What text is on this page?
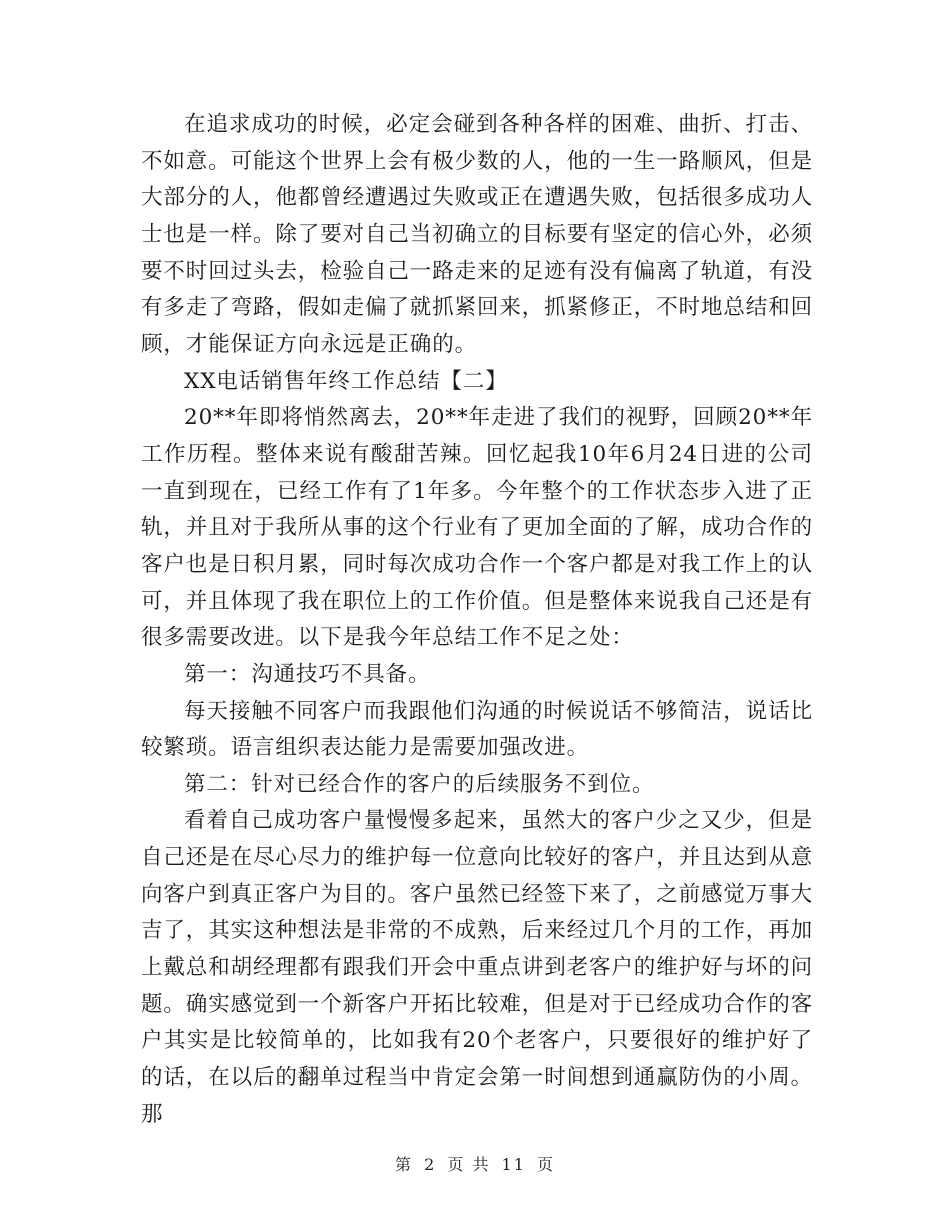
在追求成功的时候，必定会碰到各种各样的困难、曲折、打击、不如意。可能这个世界上会有极少数的人，他的一生一路顺风，但是大部分的人，他都曾经遭遇过失败或正在遭遇失败，包括很多成功人士也是一样。除了要对自己当初确立的目标要有坚定的信心外，必须要不时回过头去，检验自己一路走来的足迹有没有偏离了轨道，有没有多走了弯路，假如走偏了就抓紧回来，抓紧修正，不时地总结和回顾，才能保证方向永远是正确的。

XX电话销售年终工作总结【二】

20**年即将悄然离去，20**年走进了我们的视野，回顾20**年工作历程。整体来说有酸甜苦辣。回忆起我10年6月24日进的公司一直到现在，已经工作有了1年多。今年整个的工作状态步入进了正轨，并且对于我所从事的这个行业有了更加全面的了解，成功合作的客户也是日积月累，同时每次成功合作一个客户都是对我工作上的认可，并且体现了我在职位上的工作价值。但是整体来说我自己还是有很多需要改进。以下是我今年总结工作不足之处：

第一：沟通技巧不具备。

每天接触不同客户而我跟他们沟通的时候说话不够简洁，说话比较繁琐。语言组织表达能力是需要加强改进。

第二：针对已经合作的客户的后续服务不到位。

看着自己成功客户量慢慢多起来，虽然大的客户少之又少，但是自己还是在尽心尽力的维护每一位意向比较好的客户，并且达到从意向客户到真正客户为目的。客户虽然已经签下来了，之前感觉万事大吉了，其实这种想法是非常的不成熟，后来经过几个月的工作，再加上戴总和胡经理都有跟我们开会中重点讲到老客户的维护好与坏的问题。确实感觉到一个新客户开拓比较难，但是对于已经成功合作的客户其实是比较简单的，比如我有20个老客户，只要很好的维护好了的话，在以后的翻单过程当中肯定会第一时间想到通赢防伪的小周。那

第 2 页 共 11 页
